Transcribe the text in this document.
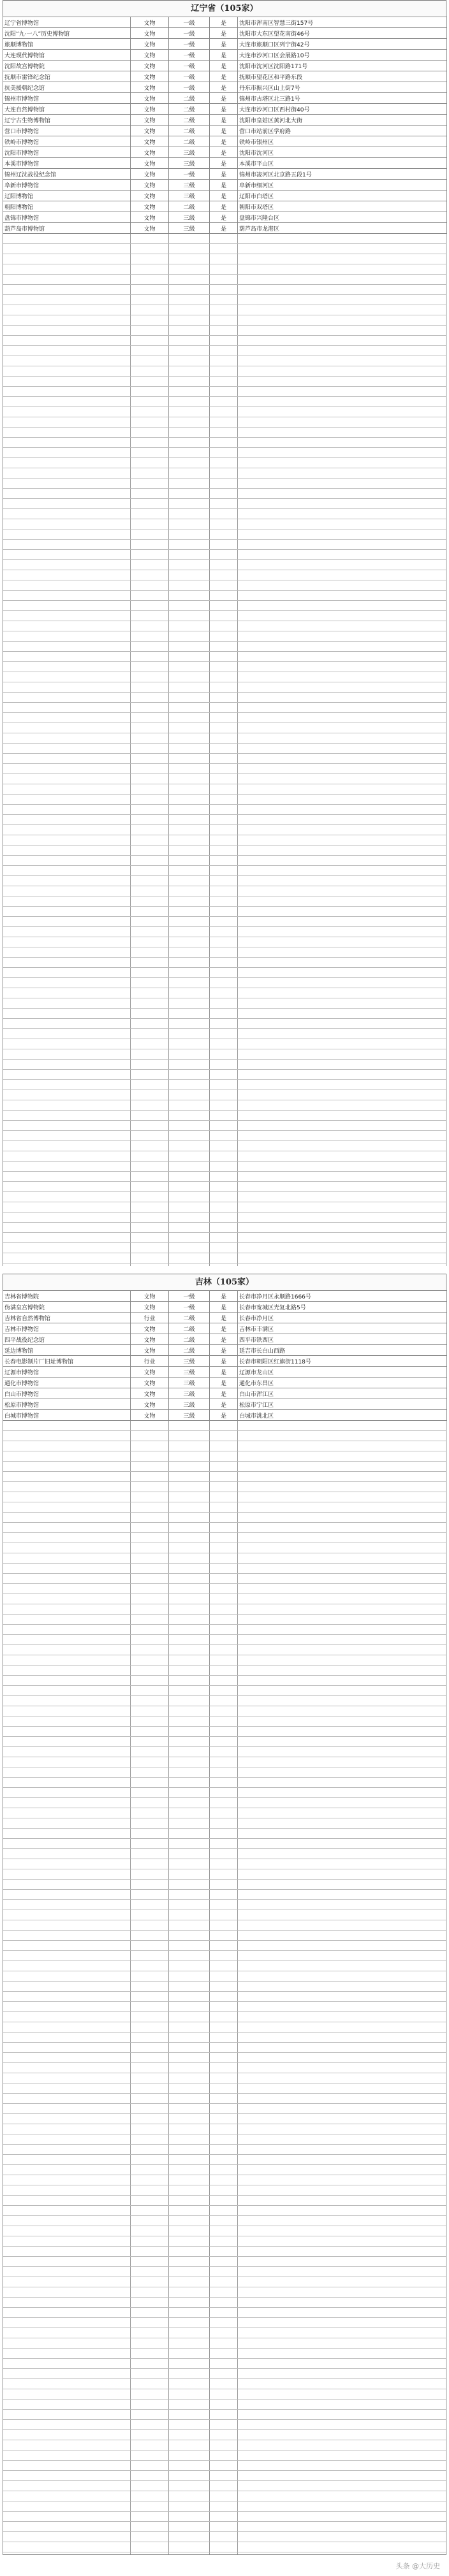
辽宁省（105家）
辽宁省博物馆	文物	一级	是	沈阳市浑南区智慧三街157号
沈阳“九·一八”历史博物馆	文物	一级	是	沈阳市大东区望花南街46号
旅顺博物馆	文物	一级	是	大连市旅顺口区列宁街42号
大连现代博物馆	文物	一级	是	大连市沙河口区会展路10号
沈阳故宫博物院	文物	一级	是	沈阳市沈河区沈阳路171号
抚顺市雷锋纪念馆	文物	一级	是	抚顺市望花区和平路东段
抗美援朝纪念馆	文物	一级	是	丹东市振兴区山上街7号
锦州市博物馆	文物	二级	是	锦州市古塔区北三路1号
大连自然博物馆	文物	二级	是	大连市沙河口区西村街40号
辽宁古生物博物馆	文物	二级	是	沈阳市皇姑区黄河北大街
营口市博物馆	文物	二级	是	营口市站前区学府路
铁岭市博物馆	文物	二级	是	铁岭市银州区
沈阳市博物馆	文物	三级	是	沈阳市沈河区
本溪市博物馆	文物	三级	是	本溪市平山区
锦州辽沈战役纪念馆	文物	一级	是	锦州市凌河区北京路五段1号
阜新市博物馆	文物	三级	是	阜新市细河区
辽阳博物馆	文物	三级	是	辽阳市白塔区
朝阳博物馆	文物	二级	是	朝阳市双塔区
盘锦市博物馆	文物	三级	是	盘锦市兴隆台区
葫芦岛市博物馆	文物	三级	是	葫芦岛市龙港区
吉林（105家）
吉林省博物院	文物	一级	是	长春市净月区永顺路1666号
伪满皇宫博物院	文物	一级	是	长春市宽城区光复北路5号
吉林省自然博物馆	行业	二级	是	长春市净月区
吉林市博物馆	文物	二级	是	吉林市丰满区
四平战役纪念馆	文物	二级	是	四平市铁西区
延边博物馆	文物	二级	是	延吉市长白山西路
长春电影制片厂旧址博物馆	行业	三级	是	长春市朝阳区红旗街1118号
辽源市博物馆	文物	三级	是	辽源市龙山区
通化市博物馆	文物	三级	是	通化市东昌区
白山市博物馆	文物	三级	是	白山市浑江区
松原市博物馆	文物	三级	是	松原市宁江区
白城市博物馆	文物	三级	是	白城市洮北区
头条 @大历史
